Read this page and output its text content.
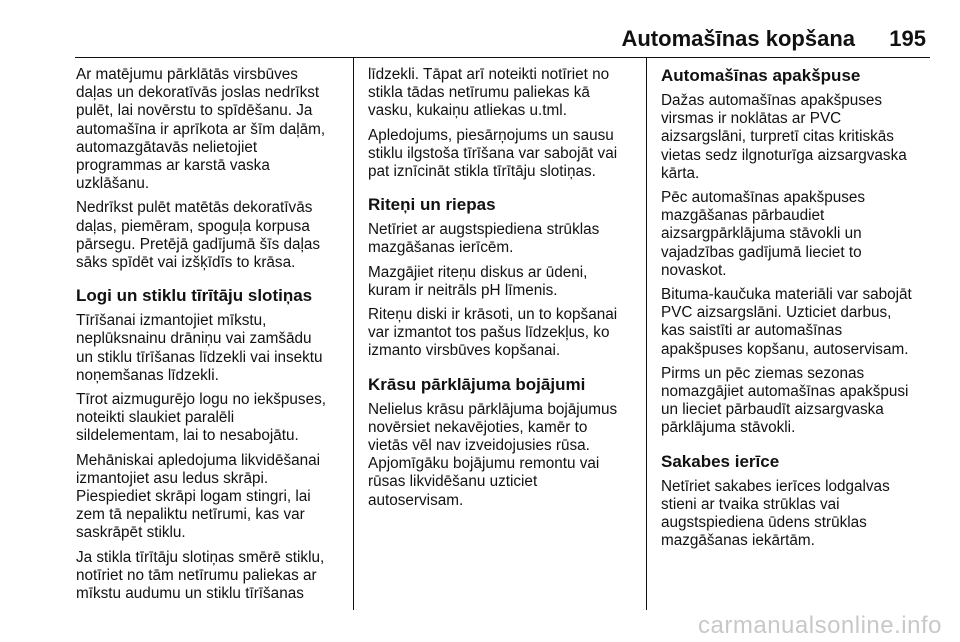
Automašīnas kopšana 195

Ar matējumu pārklātās virsbūves
daļas un dekoratīvās joslas nedrīkst
pulēt, lai novērstu to spīdēšanu. Ja
automašīna ir aprīkota ar šīm daļām,
automazgātavās nelietojiet
programmas ar karstā vaska
uzklāšanu.

Nedrīkst pulēt matētās dekoratīvās
daļas, piemēram, spoguļa korpusa
pārsegu. Pretējā gadījumā šīs daļas
sāks spīdēt vai izšķīdīs to krāsa.

Logi un stiklu tīrītāju slotiņas

Tīrīšanai izmantojiet mīkstu,
neplūksnainu drāniņu vai zamšādu
un stiklu tīrīšanas līdzekli vai insektu
noņemšanas līdzekli.

Tīrot aizmugurējo logu no iekšpuses,
noteikti slaukiet paralēli
sildelementam, lai to nesabojātu.

Mehāniskai apledojuma likvidēšanai
izmantojiet asu ledus skrāpi.
Piespiediet skrāpi logam stingri, lai
zem tā nepaliktu netīrumi, kas var
saskrāpēt stiklu.

Ja stikla tīrītāju slotiņas smērē stiklu,
notīriet no tām netīrumu paliekas ar
mīkstu audumu un stiklu tīrīšanas

līdzekli. Tāpat arī noteikti notīriet no
stikla tādas netīrumu paliekas kā
vasku, kukaiņu atliekas u.tml.

Apledojums, piesārņojums un sausu
stiklu ilgstoša tīrīšana var sabojāt vai
pat iznīcināt stikla tīrītāju slotiņas.

Riteņi un riepas

Netīriet ar augstspiediena strūklas
mazgāšanas ierīcēm.

Mazgājiet riteņu diskus ar ūdeni,
kuram ir neitrāls pH līmenis.

Riteņu diski ir krāsoti, un to kopšanai
var izmantot tos pašus līdzekļus, ko
izmanto virsbūves kopšanai.

Krāsu pārklājuma bojājumi

Nelielus krāsu pārklājuma bojājumus
novērsiet nekavējoties, kamēr to
vietās vēl nav izveidojusies rūsa.
Apjomīgāku bojājumu remontu vai
rūsas likvidēšanu uzticiet
autoservisam.

Automašīnas apakšpuse

Dažas automašīnas apakšpuses
virsmas ir noklātas ar PVC
aizsargslāni, turpretī citas kritiskās
vietas sedz ilgnoturīga aizsargvaska
kārta.

Pēc automašīnas apakšpuses
mazgāšanas pārbaudiet
aizsargpārklājuma stāvokli un
vajadzības gadījumā lieciet to
novaskot.

Bituma-kaučuka materiāli var sabojāt
PVC aizsargslāni. Uzticiet darbus,
kas saistīti ar automašīnas
apakšpuses kopšanu, autoservisam.

Pirms un pēc ziemas sezonas
nomazgājiet automašīnas apakšpusi
un lieciet pārbaudīt aizsargvaska
pārklājuma stāvokli.

Sakabes ierīce

Netīriet sakabes ierīces lodgalvas
stieni ar tvaika strūklas vai
augstspiediena ūdens strūklas
mazgāšanas iekārtām.

carmanualsonline.info
